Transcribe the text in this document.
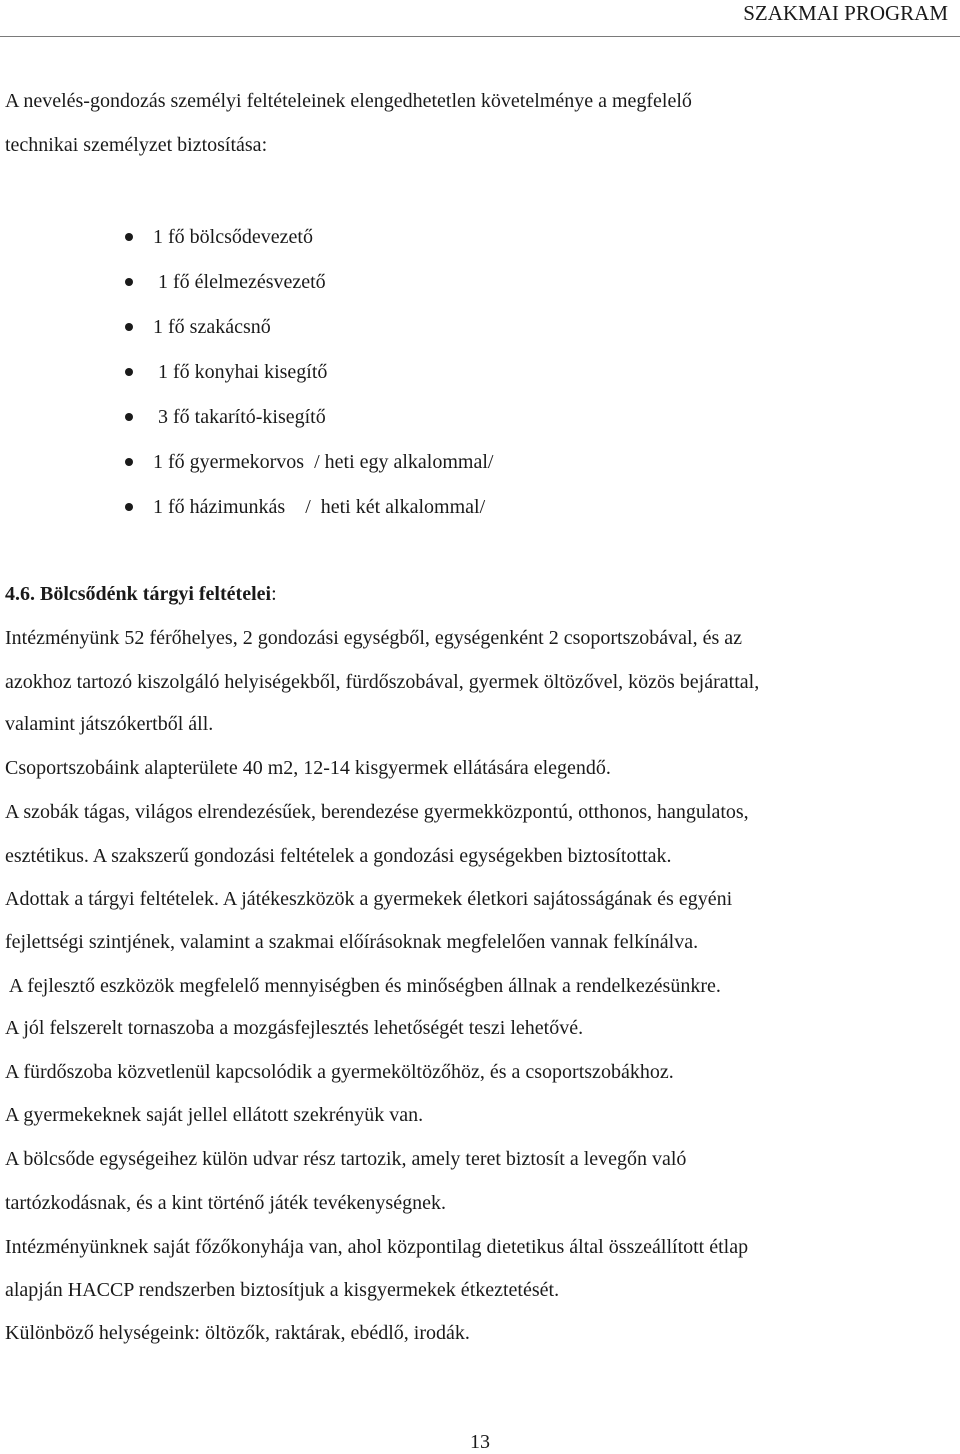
SZAKMAI PROGRAM
A nevelés-gondozás személyi feltételeinek elengedhetetlen követelménye a megfelelő
technikai személyzet biztosítása:
1 fő bölcsődevezető
1 fő élelmezésvezető
1 fő szakácsnő
1 fő konyhai kisegítő
3 fő takarító-kisegítő
1 fő gyermekorvos  / heti egy alkalommal/
1 fő házimunkás    /  heti két alkalommal/
4.6. Bölcsődénk tárgyi feltételei:
Intézményünk 52 férőhelyes, 2 gondozási egységből, egységenként 2 csoportszobával, és az
azokhoz tartozó kiszolgáló helyiségekből, fürdőszobával, gyermek öltözővel, közös bejárattal,
valamint játszókertből áll.
Csoportszobáink alapterülete 40 m2, 12-14 kisgyermek ellátására elegendő.
A szobák tágas, világos elrendezésűek, berendezése gyermekközpontú, otthonos, hangulatos,
esztétikus. A szakszerű gondozási feltételek a gondozási egységekben biztosítottak.
Adottak a tárgyi feltételek. A játékeszközök a gyermekek életkori sajátosságának és egyéni
fejlettségi szintjének, valamint a szakmai előírásoknak megfelelően vannak felkínálva.
A fejlesztő eszközök megfelelő mennyiségben és minőségben állnak a rendelkezésünkre.
A jól felszerelt tornaszoba a mozgásfejlesztés lehetőségét teszi lehetővé.
A fürdőszoba közvetlenül kapcsolódik a gyermeköltözőhöz, és a csoportszobákhoz.
A gyermekeknek saját jellel ellátott szekrényük van.
A bölcsőde egységeihez külön udvar rész tartozik, amely teret biztosít a levegőn való
tartózkodásnak, és a kint történő játék tevékenységnek.
Intézményünknek saját főzőkonyhája van, ahol központilag dietetikus által összeállított étlap
alapján HACCP rendszerben biztosítjuk a kisgyermekek étkeztetését.
Különböző helységeink: öltözők, raktárak, ebédlő, irodák.
13
